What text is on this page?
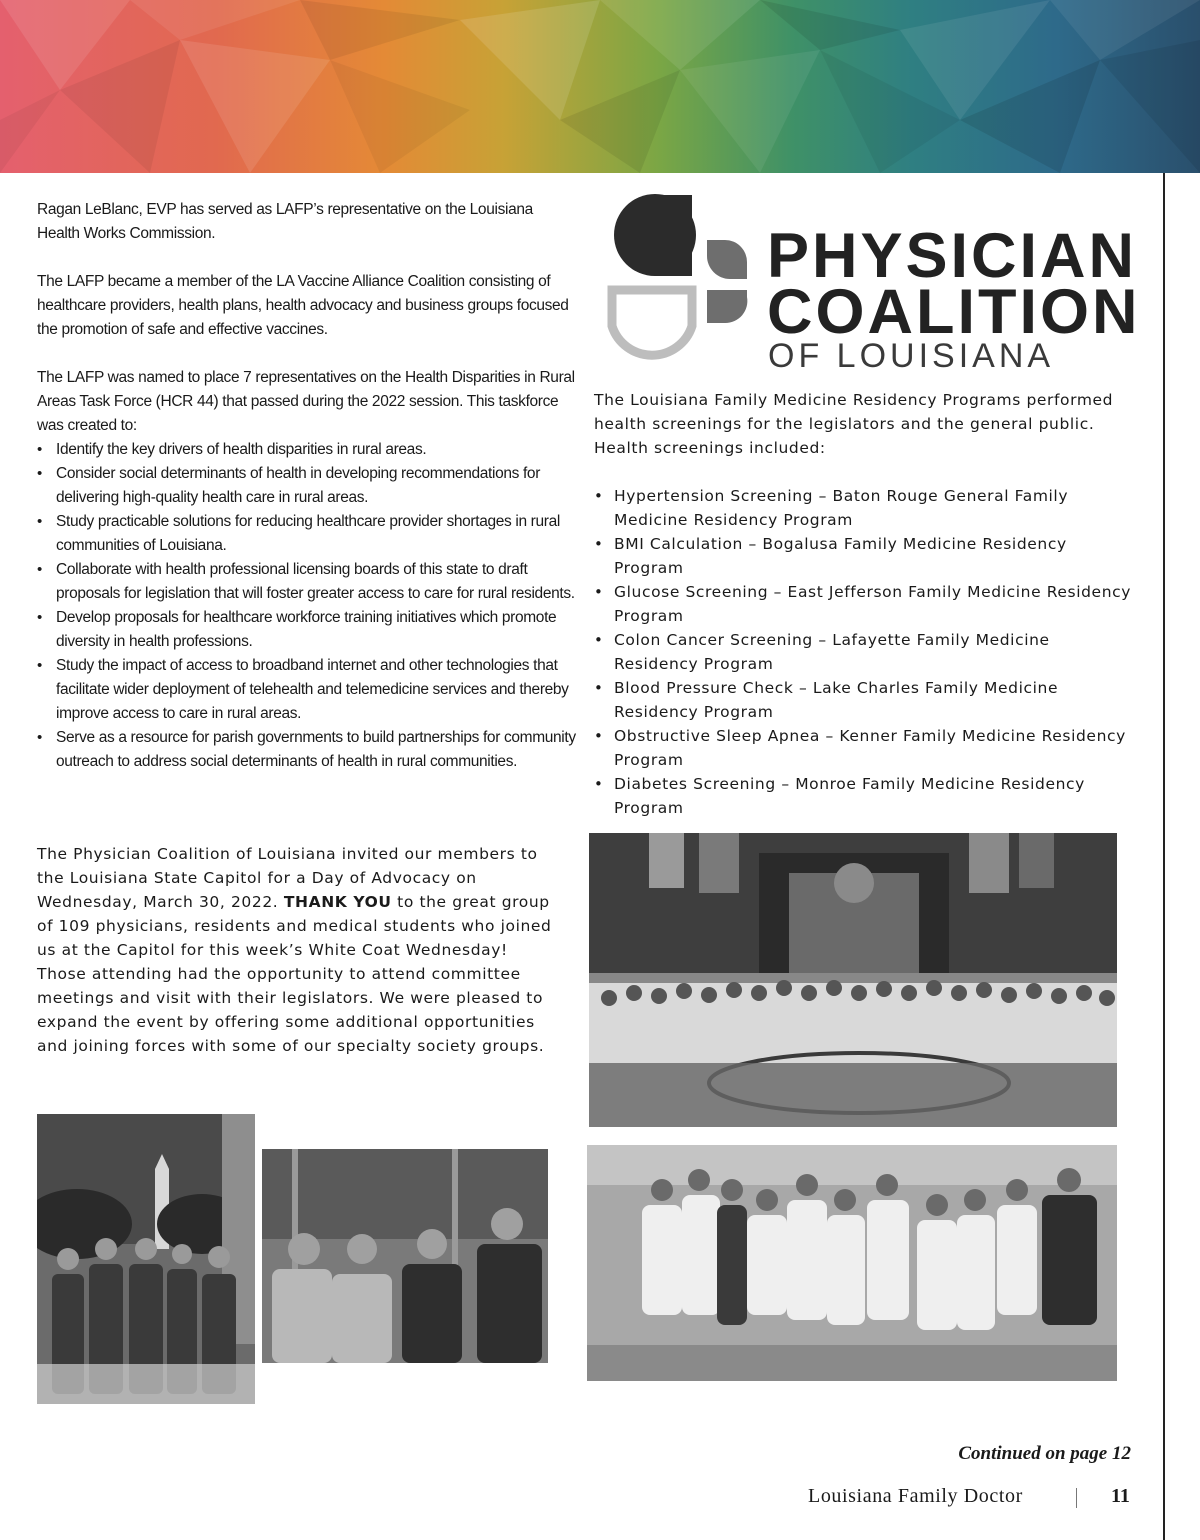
Ragan LeBlanc, EVP has served as LAFP’s representative on the Louisiana Health Works Commission.

The LAFP became a member of the LA Vaccine Alliance Coalition consisting of healthcare providers, health plans, health advocacy and business groups focused the promotion of safe and effective vaccines.

The LAFP was named to place 7 representatives on the Health Disparities in Rural Areas Task Force (HCR 44) that passed during the 2022 session. This taskforce was created to:

• Identify the key drivers of health disparities in rural areas.
• Consider social determinants of health in developing recommendations for delivering high-quality health care in rural areas.
• Study practicable solutions for reducing healthcare provider shortages in rural communities of Louisiana.
• Collaborate with health professional licensing boards of this state to draft proposals for legislation that will foster greater access to care for rural residents.
• Develop proposals for healthcare workforce training initiatives which promote diversity in health professions.
• Study the impact of access to broadband internet and other technologies that facilitate wider deployment of telehealth and telemedicine services and thereby improve access to care in rural areas.
• Serve as a resource for parish governments to build partnerships for community outreach to address social determinants of health in rural communities.

The Physician Coalition of Louisiana invited our members to the Louisiana State Capitol for a Day of Advocacy on Wednesday, March 30, 2022. THANK YOU to the great group of 109 physicians, residents and medical students who joined us at the Capitol for this week’s White Coat Wednesday! Those attending had the opportunity to attend committee meetings and visit with their legislators. We were pleased to expand the event by offering some additional opportunities and joining forces with some of our specialty society groups.

PHYSICIAN
COALITION
OF LOUISIANA

The Louisiana Family Medicine Residency Programs performed health screenings for the legislators and the general public. Health screenings included:

• Hypertension Screening – Baton Rouge General Family Medicine Residency Program
• BMI Calculation – Bogalusa Family Medicine Residency Program
• Glucose Screening – East Jefferson Family Medicine Residency Program
• Colon Cancer Screening – Lafayette Family Medicine Residency Program
• Blood Pressure Check – Lake Charles Family Medicine Residency Program
• Obstructive Sleep Apnea – Kenner Family Medicine Residency Program
• Diabetes Screening – Monroe Family Medicine Residency Program
Continued on page 12
Louisiana Family Doctor	11
